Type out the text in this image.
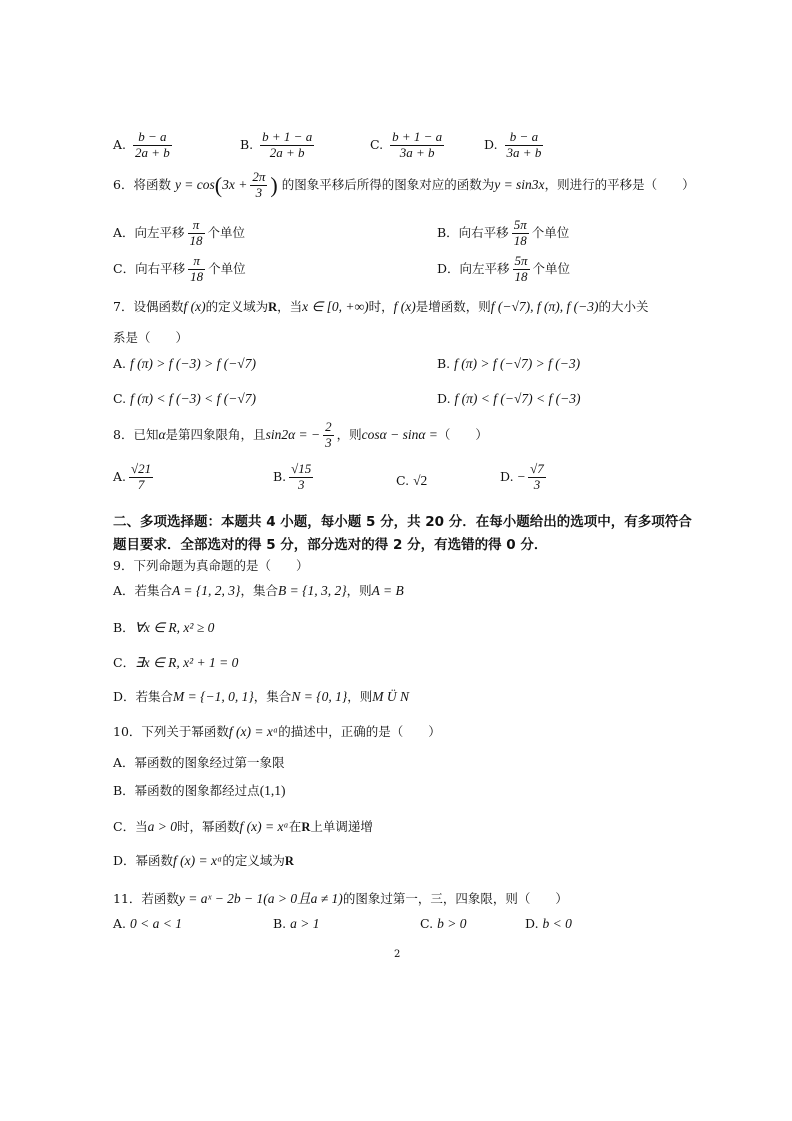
A. $\frac{b - a}{2a + b}$	B. $\frac{b + 1 - a}{2a + b}$	C. $\frac{b + 1 - a}{3a + b}$	D. $\frac{b - a}{3a + b}$
6．将函数 $y = \cos(3x + \frac{2\pi}{3}$ ) 的图象平移后所得的图象对应的函数为y = sin3x，则进行的平移是（　　）
A．向左平移 $\frac{\pi}{18}$ 个单位	B．向右平移 $\frac{5\pi}{18}$ 个单位
C．向右平移 $\frac{\pi}{18}$ 个单位	D．向左平移 $\frac{5\pi}{18}$ 个单位
7．设偶函数f (x)的定义域为R，当x ∈ [0, +∞)时，f (x)是增函数，则f (−√7), f (π), f (−3)的大小关
系是（　　）
A. f (π) > f (−3) > f (−√7)	B. f (π) > f (−√7) > f (−3)
C. f (π) < f (−3) < f (−√7)	D. f (π) < f (−√7) < f (−3)
8．已知α是第四象限角，且sin2α = − $\frac{2}{3}$ ，则cosα − sinα =（　　）
A. $\frac{√21}{7}$	B. $\frac{√15}{3}$	C. √2	D. − $\frac{√7}{3}$
二、多项选择题：本题共 4 小题，每小题 5 分，共 20 分．在每小题给出的选项中，有多项符合
题目要求．全部选对的得 5 分，部分选对的得 2 分，有选错的得 0 分．
9．下列命题为真命题的是（　　）
A．若集合A = {1, 2, 3}，集合B = {1, 3, 2}，则A = B
B．∀x ∈ R, x² ≥ 0
C．∃x ∈ R, x² + 1 = 0
D．若集合M = {−1, 0, 1}，集合N = {0, 1}，则M Ü N
10．下列关于幂函数f (x) = xᵃ的描述中，正确的是（　　）
A．幂函数的图象经过第一象限
B．幂函数的图象都经过点(1,1)
C．当a > 0时，幂函数f (x) = xᵃ在R上单调递增
D．幂函数f (x) = xᵃ的定义域为R
11．若函数y = aˣ − 2b − 1(a > 0且a ≠ 1)的图象过第一，三，四象限，则（　　）
A. 0 < a < 1	B. a > 1	C. b > 0	D. b < 0
2
